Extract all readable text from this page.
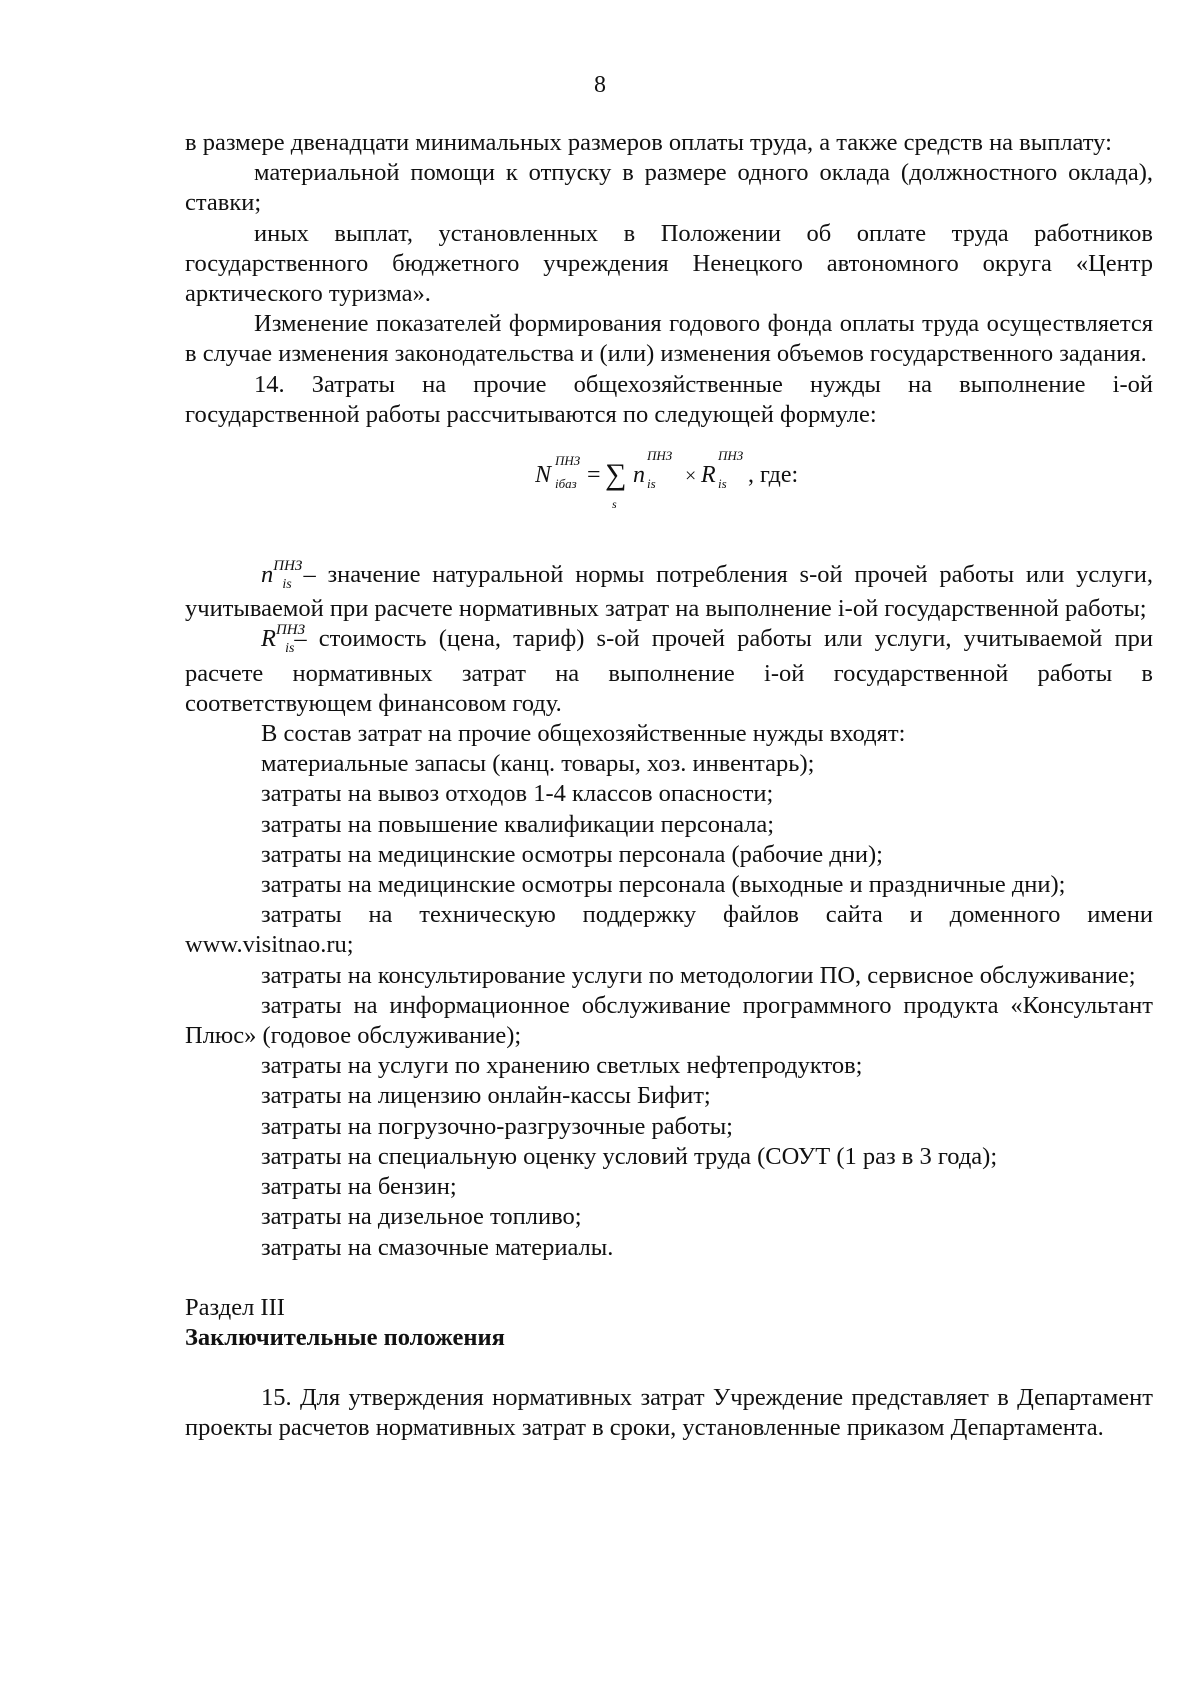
8

в размере двенадцати минимальных размеров оплаты труда, а также средств на выплату:

материальной помощи к отпуску в размере одного оклада (должностного оклада), ставки;

иных выплат, установленных в Положении об оплате труда работников государственного бюджетного учреждения Ненецкого автономного округа «Центр арктического туризма».

Изменение показателей формирования годового фонда оплаты труда осуществляется в случае изменения законодательства и (или) изменения объемов государственного задания.

14. Затраты на прочие общехозяйственные нужды на выполнение i-ой государственной работы рассчитываются по следующей формуле:

N
ПНЗ
iбаз = ∑
s
n
ПНЗ
is × R
ПНЗ
is , где:

$n^{ПНЗ}_{is}$ – значение натуральной нормы потребления s-ой прочей работы или услуги, учитываемой при расчете нормативных затрат на выполнение i-ой государственной работы;

$R^{ПНЗ}_{is}-$ стоимость (цена, тариф) s-ой прочей работы или услуги, учитываемой при расчете нормативных затрат на выполнение i-ой государственной работы в соответствующем финансовом году.

В состав затрат на прочие общехозяйственные нужды входят:

материальные запасы (канц. товары, хоз. инвентарь);

затраты на вывоз отходов 1-4 классов опасности;

затраты на повышение квалификации персонала;

затраты на медицинские осмотры персонала (рабочие дни);

затраты на медицинские осмотры персонала (выходные и праздничные дни);

затраты на техническую поддержку файлов сайта и доменного имени www.visitnao.ru;

затраты на консультирование услуги по методологии ПО, сервисное обслуживание;

затраты на информационное обслуживание программного продукта «Консультант Плюс» (годовое обслуживание);

затраты на услуги по хранению светлых нефтепродуктов;

затраты на лицензию онлайн-кассы Бифит;

затраты на погрузочно-разгрузочные работы;

затраты на специальную оценку условий труда (СОУТ (1 раз в 3 года);

затраты на бензин;

затраты на дизельное топливо;

затраты на смазочные материалы.

Раздел III

Заключительные положения

15. Для утверждения нормативных затрат Учреждение представляет в Департамент проекты расчетов нормативных затрат в сроки, установленные приказом Департамента.
